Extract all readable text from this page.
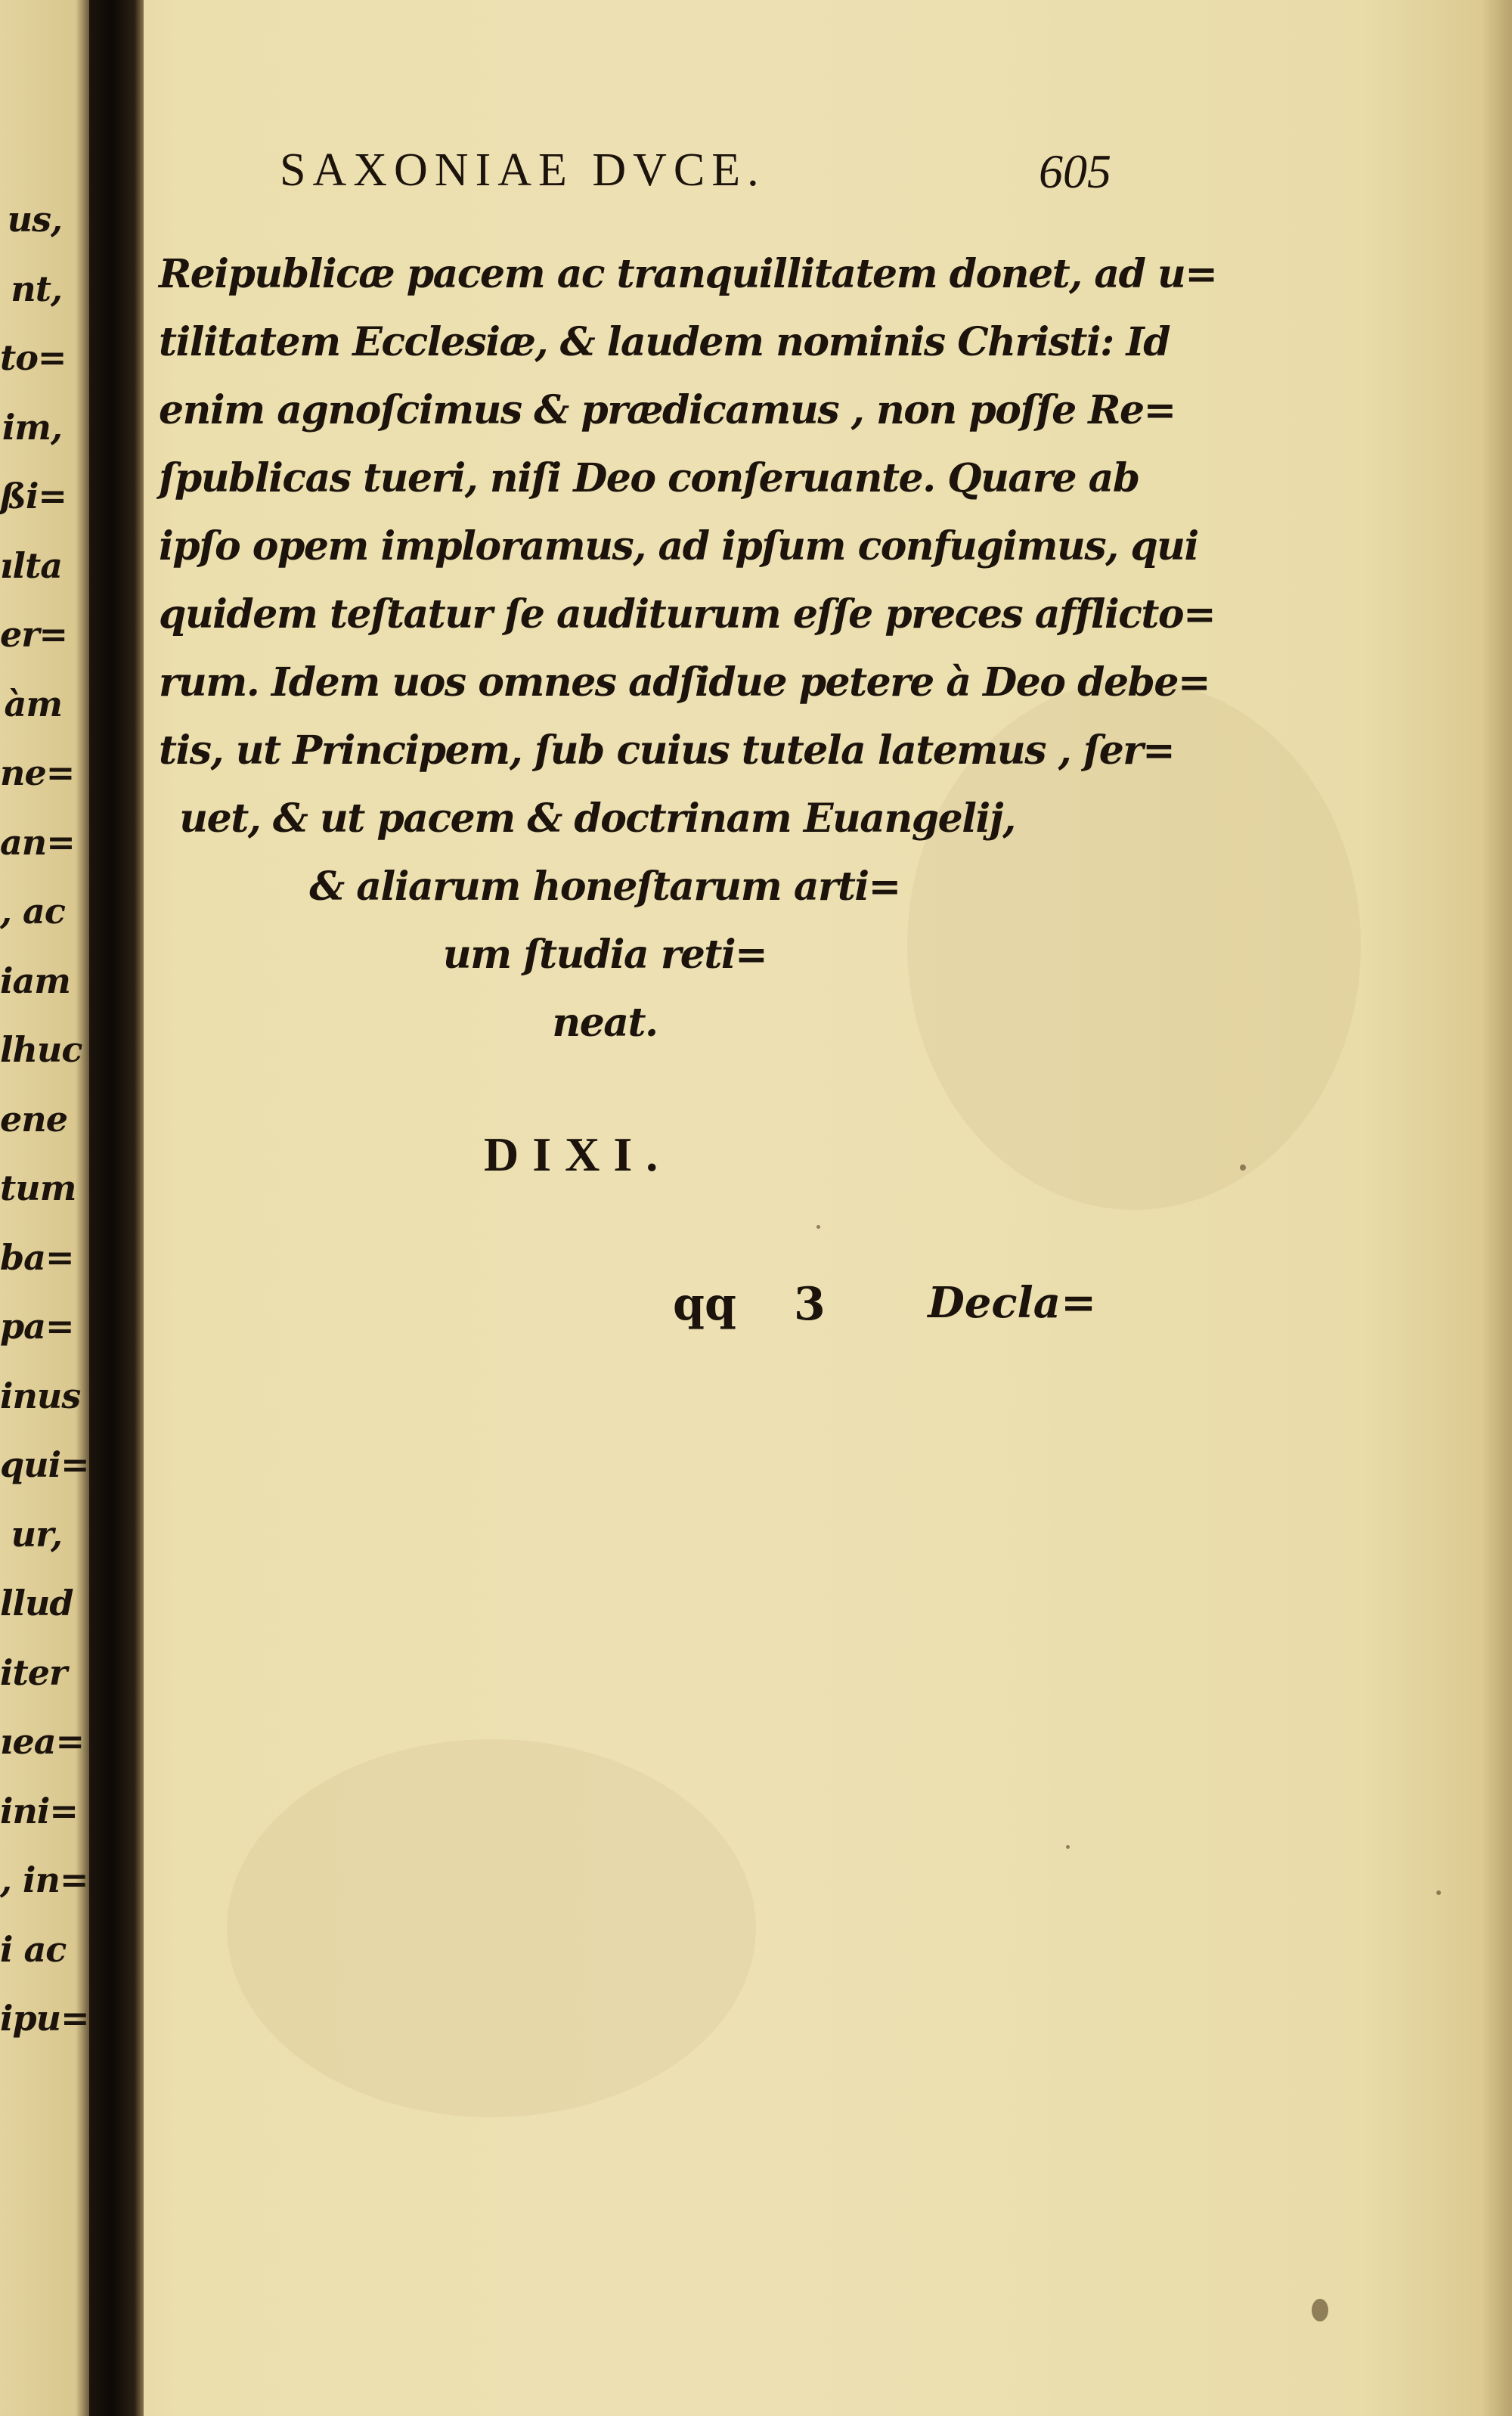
us,
nt,
to=
im,
ßi=
ılta
er=
àm
ne=
an=
, ac
iam
lhuc
ene
tum
ba=
pa=
inus
qui=
ur,
llud
iter
ıea=
ini=
, in=
i ac
ipu=
SAXONIAE DVCE.	605

Reipublicæ pacem ac tranquillitatem donet, ad u=

tilitatem Ecclesiæ, & laudem nominis Christi: Id

enim agnoſcimus & prædicamus , non poſſe Re=

ſpublicas tueri, niſi Deo conſeruante. Quare ab

ipſo opem imploramus, ad ipſum confugimus, qui

quidem teſtatur ſe auditurum eſſe preces afflicto=

rum. Idem uos omnes adſidue petere à Deo debe=

tis, ut Principem, ſub cuius tutela latemus , ſer=

uet, & ut pacem & doctrinam Euangelij,

& aliarum honeſtarum arti=

um ſtudia reti=

neat.

DIXI.
qq 3 Decla=
